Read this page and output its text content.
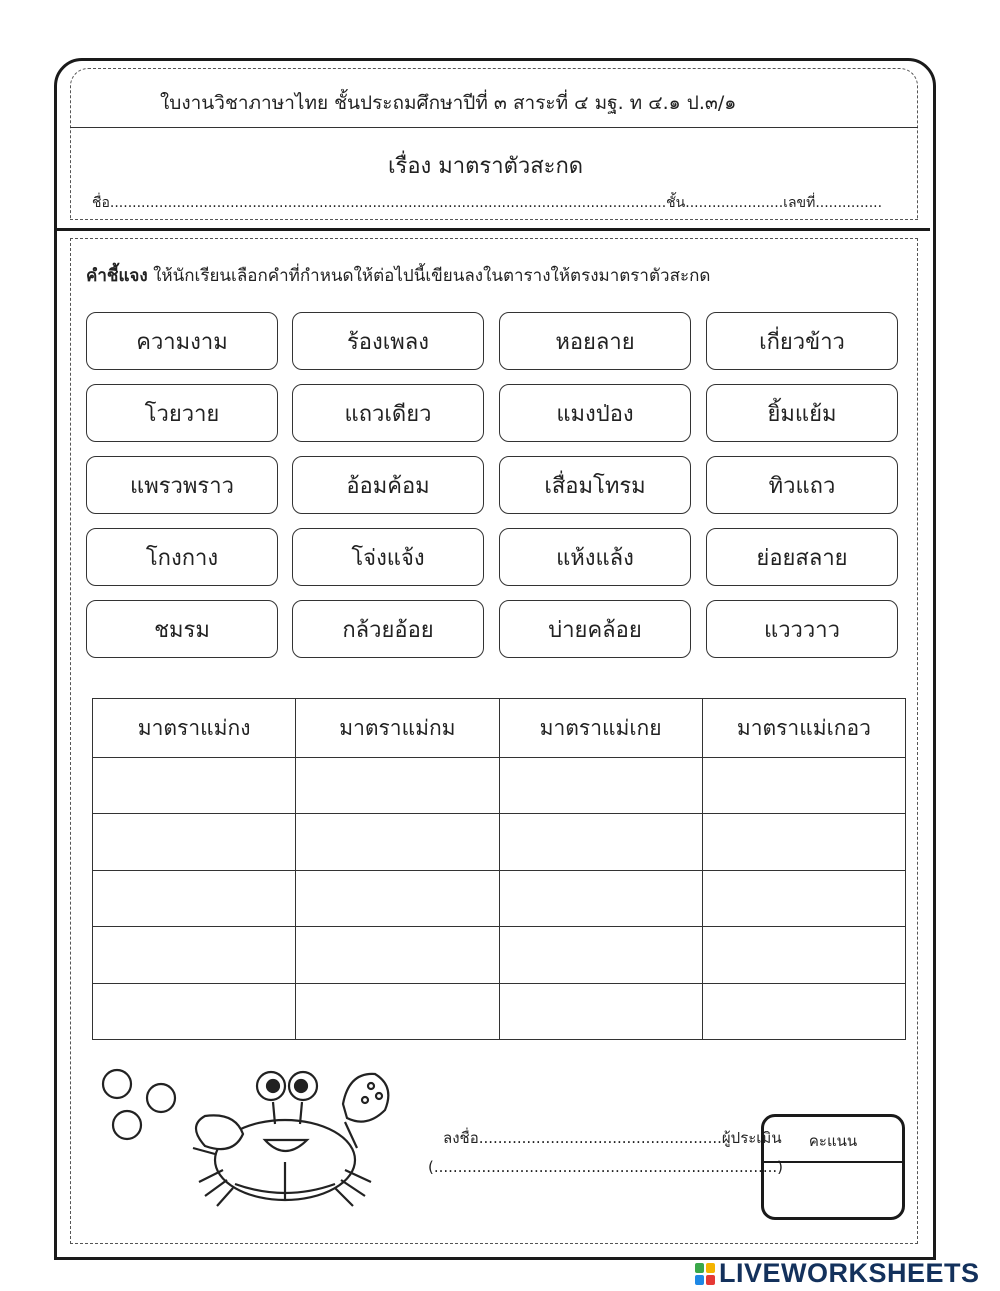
ใบงานวิชาภาษาไทย ชั้นประถมศึกษาปีที่ ๓ สาระที่ ๔ มฐ. ท ๔.๑ ป.๓/๑
เรื่อง มาตราตัวสะกด
ชื่อ.............................................................................................................................ชั้น......................เลขที่...............
คำชี้แจง ให้นักเรียนเลือกคำที่กำหนดให้ต่อไปนี้เขียนลงในตารางให้ตรงมาตราตัวสะกด
ความงาม	ร้องเพลง	หอยลาย	เกี่ยวข้าว
โวยวาย	แถวเดียว	แมงป่อง	ยิ้มแย้ม
แพรวพราว	อ้อมค้อม	เสื่อมโทรม	ทิวแถว
โกงกาง	โจ่งแจ้ง	แห้งแล้ง	ย่อยสลาย
ชมรม	กล้วยอ้อย	บ่ายคล้อย	แวววาว
มาตราแม่กง	มาตราแม่กม	มาตราแม่เกย	มาตราแม่เกอว

ลงชื่อ...................................................ผู้ประเมิน
(........................................................................)
คะแนน
LIVEWORKSHEETS
